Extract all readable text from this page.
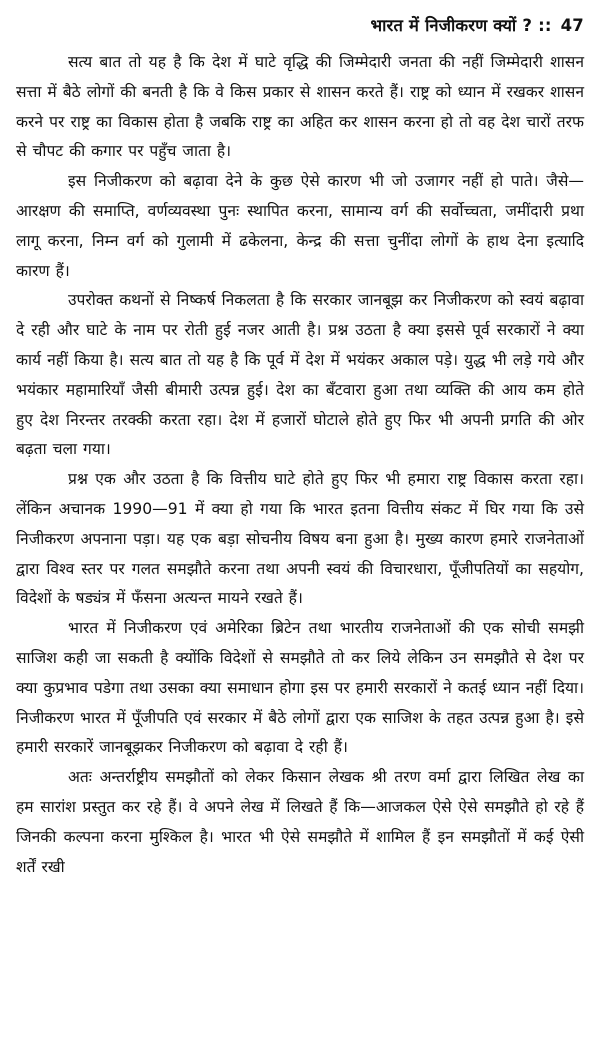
भारत में निजीकरण क्यों ? :: 47

सत्य बात तो यह है कि देश में घाटे वृद्धि की जिम्मेदारी जनता की नहीं जिम्मेदारी शासन सत्ता में बैठे लोगों की बनती है कि वे किस प्रकार से शासन करते हैं। राष्ट्र को ध्यान में रखकर शासन करने पर राष्ट्र का विकास होता है जबकि राष्ट्र का अहित कर शासन करना हो तो वह देश चारों तरफ से चौपट की कगार पर पहुँच जाता है।

इस निजीकरण को बढ़ावा देने के कुछ ऐसे कारण भी जो उजागर नहीं हो पाते। जैसे—आरक्षण की समाप्ति, वर्णव्यवस्था पुनः स्थापित करना, सामान्य वर्ग की सर्वोच्चता, जमींदारी प्रथा लागू करना, निम्न वर्ग को गुलामी में ढकेलना, केन्द्र की सत्ता चुनींदा लोगों के हाथ देना इत्यादि कारण हैं।

उपरोक्त कथनों से निष्कर्ष निकलता है कि सरकार जानबूझ कर निजीकरण को स्वयं बढ़ावा दे रही और घाटे के नाम पर रोती हुई नजर आती है। प्रश्न उठता है क्या इससे पूर्व सरकारों ने क्या कार्य नहीं किया है। सत्य बात तो यह है कि पूर्व में देश में भयंकर अकाल पड़े। युद्ध भी लड़े गये और भयंकार महामारियाँ जैसी बीमारी उत्पन्न हुई। देश का बँटवारा हुआ तथा व्यक्ति की आय कम होते हुए देश निरन्तर तरक्की करता रहा। देश में हजारों घोटाले होते हुए फिर भी अपनी प्रगति की ओर बढ़ता चला गया।

प्रश्न एक और उठता है कि वित्तीय घाटे होते हुए फिर भी हमारा राष्ट्र विकास करता रहा। लेंकिन अचानक 1990—91 में क्या हो गया कि भारत इतना वित्तीय संकट में घिर गया कि उसे निजीकरण अपनाना पड़ा। यह एक बड़ा सोचनीय विषय बना हुआ है। मुख्य कारण हमारे राजनेताओं द्वारा विश्व स्तर पर गलत समझौते करना तथा अपनी स्वयं की विचारधारा, पूँजीपतियों का सहयोग, विदेशों के षड्यंत्र में फँसना अत्यन्त मायने रखते हैं।

भारत में निजीकरण एवं अमेरिका ब्रिटेन तथा भारतीय राजनेताओं की एक सोची समझी साजिश कही जा सकती है क्योंकि विदेशों से समझौते तो कर लिये लेकिन उन समझौते से देश पर क्या कुप्रभाव पडेगा तथा उसका क्या समाधान होगा इस पर हमारी सरकारों ने कतई ध्यान नहीं दिया। निजीकरण भारत में पूँजीपति एवं सरकार में बैठे लोगों द्वारा एक साजिश के तहत उत्पन्न हुआ है। इसे हमारी सरकारें जानबूझकर निजीकरण को बढ़ावा दे रही हैं।

अतः अन्तर्राष्ट्रीय समझौतों को लेकर किसान लेखक श्री तरण वर्मा द्वारा लिखित लेख का हम सारांश प्रस्तुत कर रहे हैं। वे अपने लेख में लिखते हैं कि—आजकल ऐसे ऐसे समझौते हो रहे हैं जिनकी कल्पना करना मुश्किल है। भारत भी ऐसे समझौते में शामिल हैं इन समझौतों में कई ऐसी शर्तें रखी
